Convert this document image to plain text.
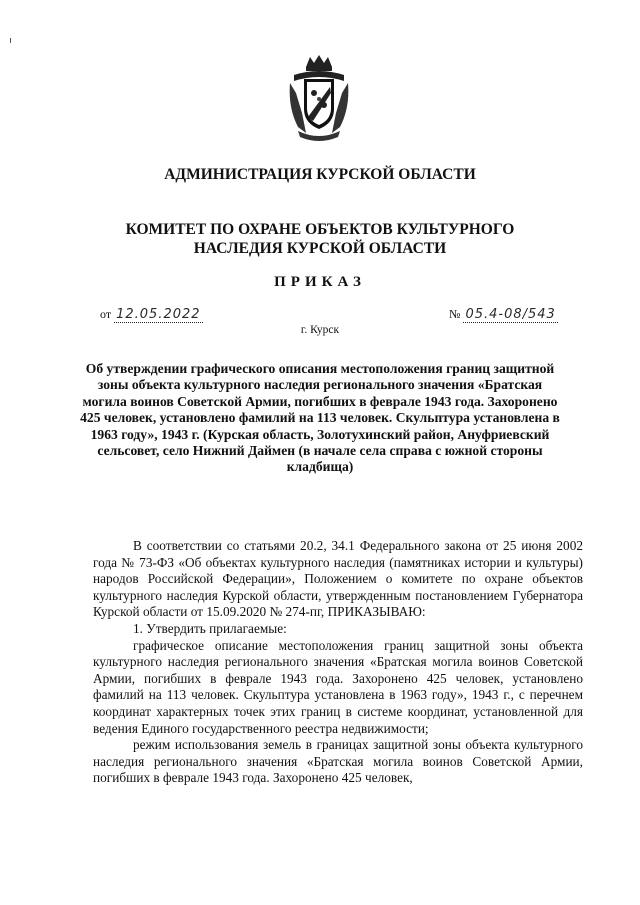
АДМИНИСТРАЦИЯ КУРСКОЙ ОБЛАСТИ
КОМИТЕТ ПО ОХРАНЕ ОБЪЕКТОВ КУЛЬТУРНОГО НАСЛЕДИЯ КУРСКОЙ ОБЛАСТИ
ПРИКАЗ
от 12.05.2022	№ 05.4-08/543
г. Курск
Об утверждении графического описания местоположения границ защитной зоны объекта культурного наследия регионального значения «Братская могила воинов Советской Армии, погибших в феврале 1943 года. Захоронено 425 человек, установлено фамилий на 113 человек. Скульптура установлена в 1963 году», 1943 г. (Курская область, Золотухинский район, Ануфриевский сельсовет, село Нижний Даймен (в начале села справа с южной стороны кладбища)

В соответствии со статьями 20.2, 34.1 Федерального закона от 25 июня 2002 года № 73-ФЗ «Об объектах культурного наследия (памятниках истории и культуры) народов Российской Федерации», Положением о комитете по охране объектов культурного наследия Курской области, утвержденным постановлением Губернатора Курской области от 15.09.2020 № 274-пг, ПРИКАЗЫВАЮ:

1. Утвердить прилагаемые:

графическое описание местоположения границ защитной зоны объекта культурного наследия регионального значения «Братская могила воинов Советской Армии, погибших в феврале 1943 года. Захоронено 425 человек, установлено фамилий на 113 человек. Скульптура установлена в 1963 году», 1943 г., с перечнем координат характерных точек этих границ в системе координат, установленной для ведения Единого государственного реестра недвижимости;

режим использования земель в границах защитной зоны объекта культурного наследия регионального значения «Братская могила воинов Советской Армии, погибших в феврале 1943 года. Захоронено 425 человек,
